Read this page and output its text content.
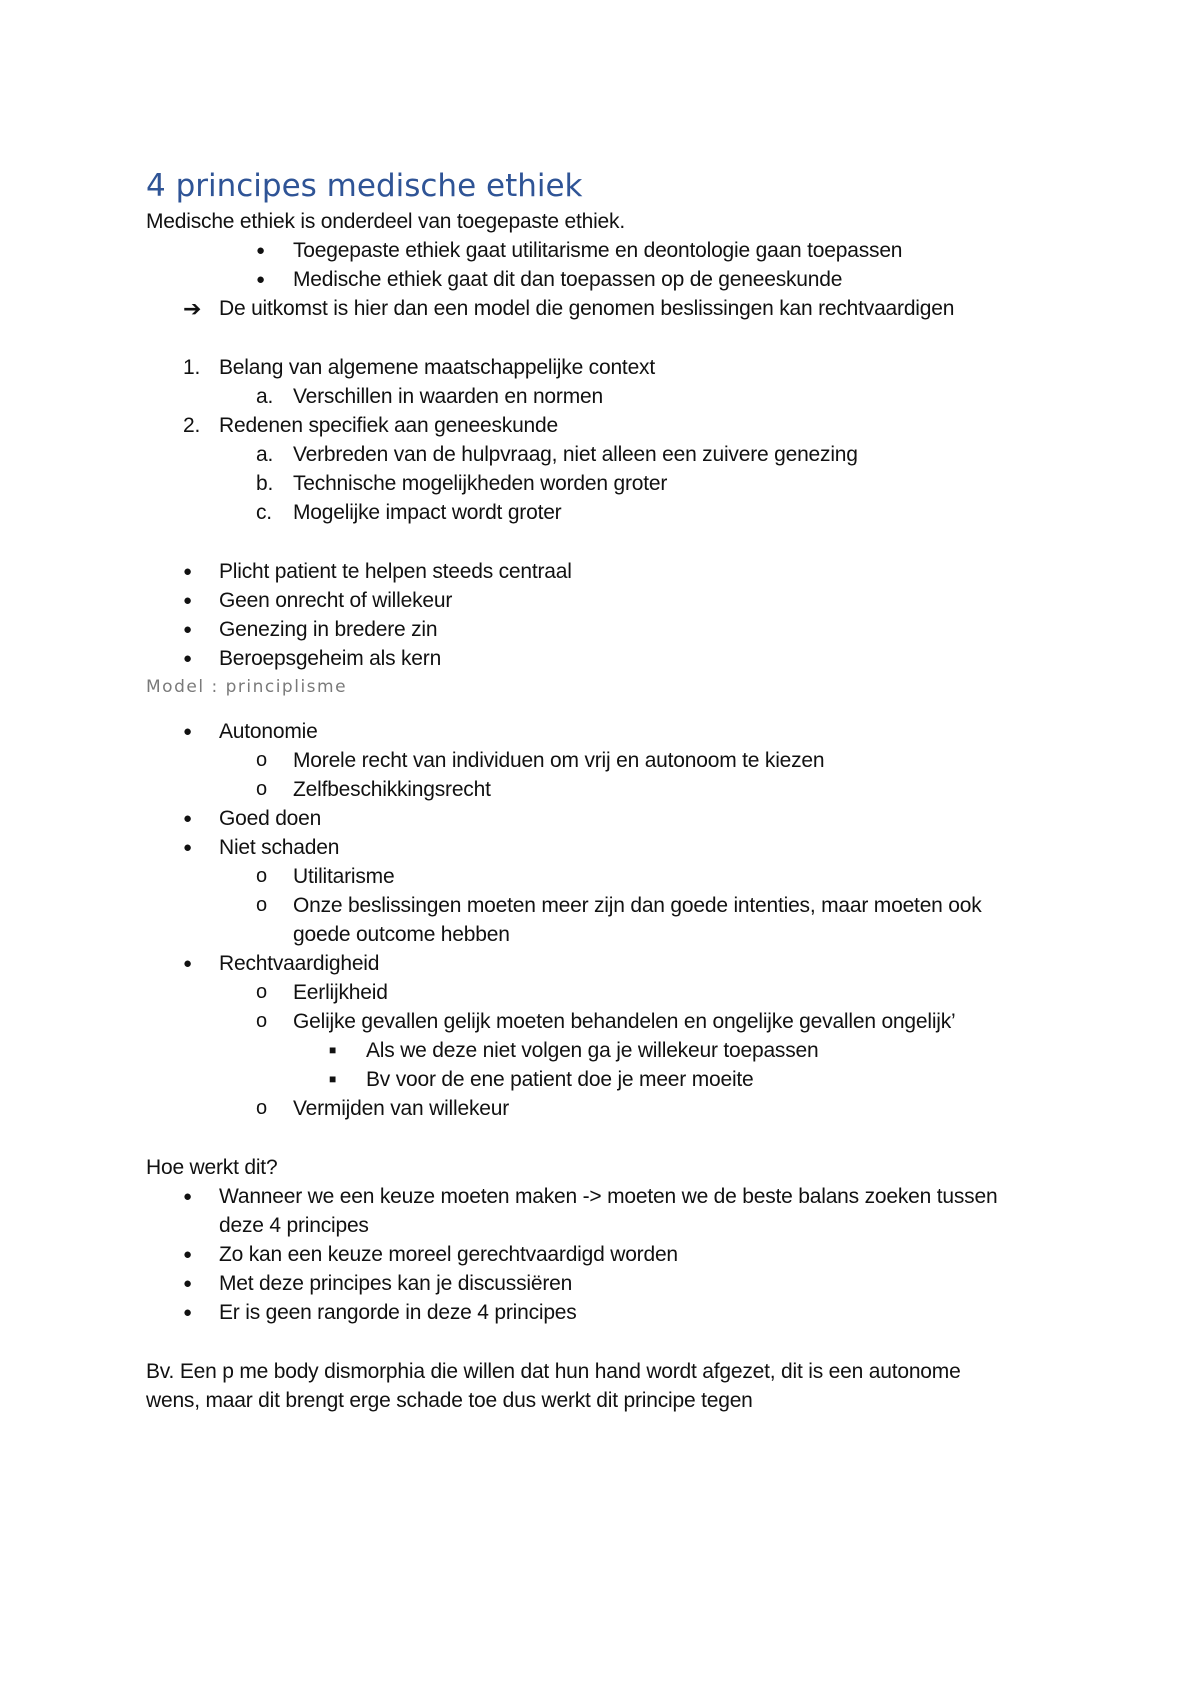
4 principes medische ethiek
Medische ethiek is onderdeel van toegepaste ethiek.
●	Toegepaste ethiek gaat utilitarisme en deontologie gaan toepassen
●	Medische ethiek gaat dit dan toepassen op de geneeskunde
➔ De uitkomst is hier dan een model die genomen beslissingen kan rechtvaardigen
1. Belang van algemene maatschappelijke context
a. Verschillen in waarden en normen
2. Redenen specifiek aan geneeskunde
a. Verbreden van de hulpvraag, niet alleen een zuivere genezing
b. Technische mogelijkheden worden groter
c.	Mogelijke impact wordt groter
●	Plicht patient te helpen steeds centraal
●	Geen onrecht of willekeur
●	Genezing in bredere zin
●	Beroepsgeheim als kern
Model : principlisme
●	Autonomie
o	Morele recht van individuen om vrij en autonoom te kiezen
o	Zelfbeschikkingsrecht
●	Goed doen
●	Niet schaden
o	Utilitarisme
o	Onze beslissingen moeten meer zijn dan goede intenties, maar moeten ook
goede outcome hebben
●	Rechtvaardigheid
o	Eerlijkheid
o	Gelijke gevallen gelijk moeten behandelen en ongelijke gevallen ongelijk’
■	Als we deze niet volgen ga je willekeur toepassen
■	Bv voor de ene patient doe je meer moeite
o	Vermijden van willekeur
Hoe werkt dit?
●	Wanneer we een keuze moeten maken -> moeten we de beste balans zoeken tussen
deze 4 principes
●	Zo kan een keuze moreel gerechtvaardigd worden
●	Met deze principes kan je discussiëren
●	Er is geen rangorde in deze 4 principes
Bv. Een p me body dismorphia die willen dat hun hand wordt afgezet, dit is een autonome
wens, maar dit brengt erge schade toe dus werkt dit principe tegen
